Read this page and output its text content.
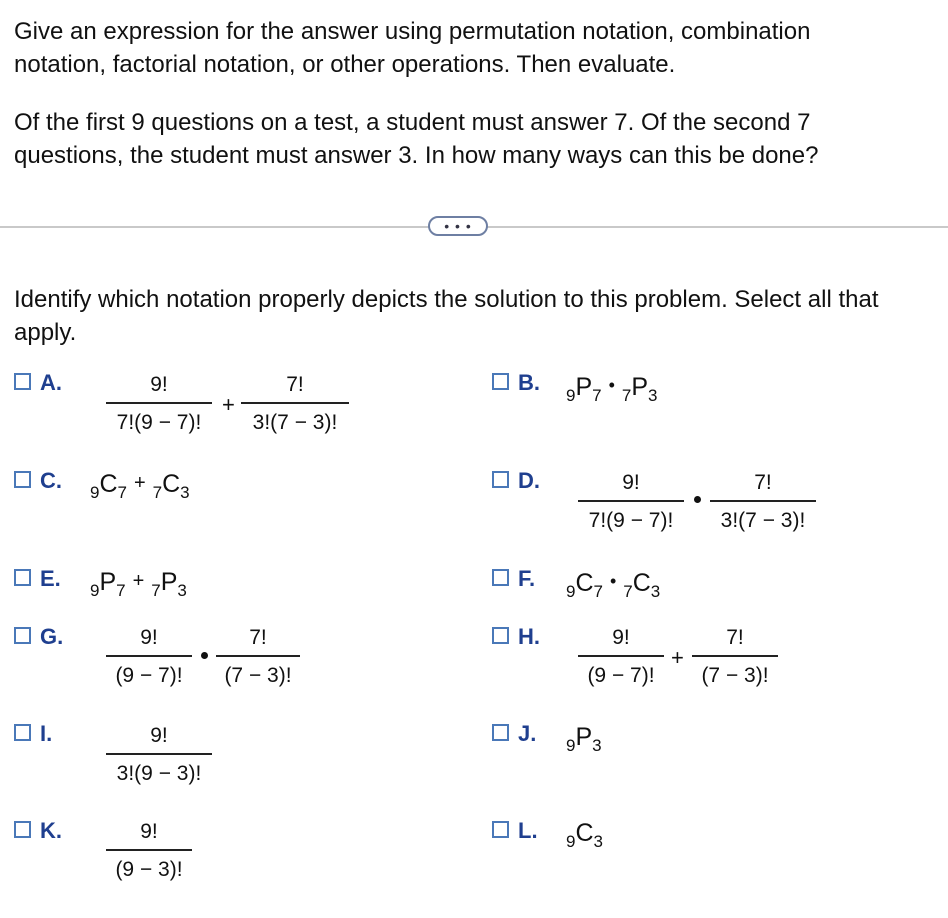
Give an expression for the answer using permutation notation, combination
notation, factorial notation, or other operations. Then evaluate.

Of the first 9 questions on a test, a student must answer 7. Of the second 7
questions, the student must answer 3. In how many ways can this be done?

• • •

Identify which notation properly depicts the solution to this problem. Select all that
apply.

A.	9!
7!(9 − 7)!
+
7!
3!(7 − 3)!
B.
$_9P_7$ • $_7P_3$
C. $_9C_7 + _7C_3$	D.	9!
7!(9 − 7)!
7!
3!(7 − 3)!
E. $_9P_7 + _7P_3$	F.
$_9C_7$ • $_7C_3$
G.	9!
(9 − 7)!
7!
(7 − 3)!
H.	9!
(9 − 7)!
+
7!
(7 − 3)!
I.	9!
3!(9 − 3)!
J. $_9P_3$
K.	9!
(9 − 3)!
L. $_9C_3$
